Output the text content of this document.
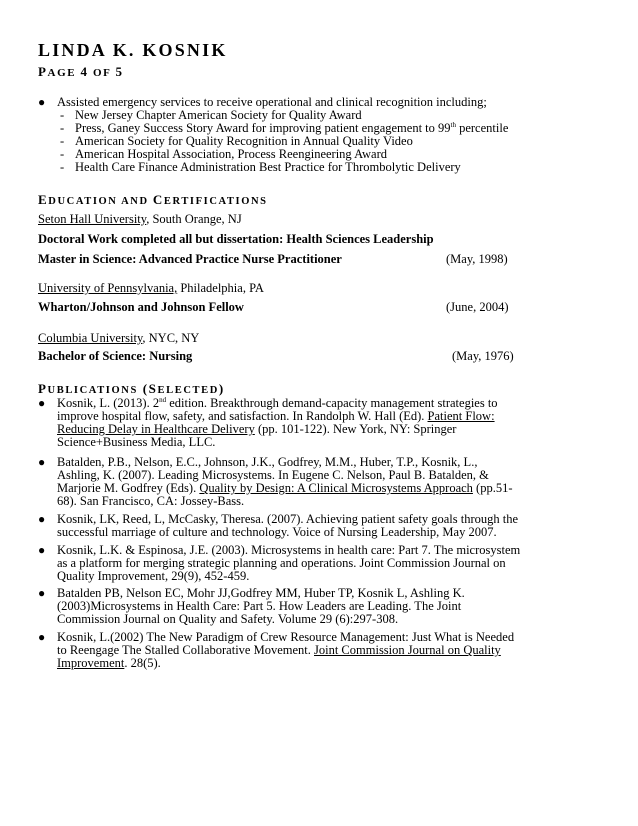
LINDA K. KOSNIK
PAGE 4 OF 5
● Assisted emergency services to receive operational and clinical recognition including;
- New Jersey Chapter American Society for Quality Award
- Press, Ganey Success Story Award for improving patient engagement to 99th percentile
- American Society for Quality Recognition in Annual Quality Video
- American Hospital Association, Process Reengineering Award
- Health Care Finance Administration Best Practice for Thrombolytic Delivery
EDUCATION AND CERTIFICATIONS
Seton Hall University, South Orange, NJ
Doctoral Work completed all but dissertation: Health Sciences Leadership
Master in Science: Advanced Practice Nurse Practitioner	(May, 1998)
University of Pennsylvania, Philadelphia, PA
Wharton/Johnson and Johnson Fellow	(June, 2004)
Columbia University, NYC, NY
Bachelor of Science: Nursing	(May, 1976)
PUBLICATIONS (SELECTED)
● Kosnik, L. (2013). 2nd edition. Breakthrough demand-capacity management strategies to
improve hospital flow, safety, and satisfaction. In Randolph W. Hall (Ed). Patient Flow:
Reducing Delay in Healthcare Delivery (pp. 101-122). New York, NY: Springer
Science+Business Media, LLC.
● Batalden, P.B., Nelson, E.C., Johnson, J.K., Godfrey, M.M., Huber, T.P., Kosnik, L.,
Ashling, K. (2007). Leading Microsystems. In Eugene C. Nelson, Paul B. Batalden, &
Marjorie M. Godfrey (Eds). Quality by Design: A Clinical Microsystems Approach (pp.51-
68). San Francisco, CA: Jossey-Bass.
● Kosnik, LK, Reed, L, McCasky, Theresa. (2007). Achieving patient safety goals through the
successful marriage of culture and technology. Voice of Nursing Leadership, May 2007.
● Kosnik, L.K. & Espinosa, J.E. (2003). Microsystems in health care: Part 7. The microsystem
as a platform for merging strategic planning and operations. Joint Commission Journal on
Quality Improvement, 29(9), 452-459.
● Batalden PB, Nelson EC, Mohr JJ,Godfrey MM, Huber TP, Kosnik L, Ashling K.
(2003)Microsystems in Health Care: Part 5. How Leaders are Leading. The Joint
Commission Journal on Quality and Safety. Volume 29 (6):297-308.
● Kosnik, L.(2002) The New Paradigm of Crew Resource Management: Just What is Needed
to Reengage The Stalled Collaborative Movement. Joint Commission Journal on Quality
Improvement. 28(5).
